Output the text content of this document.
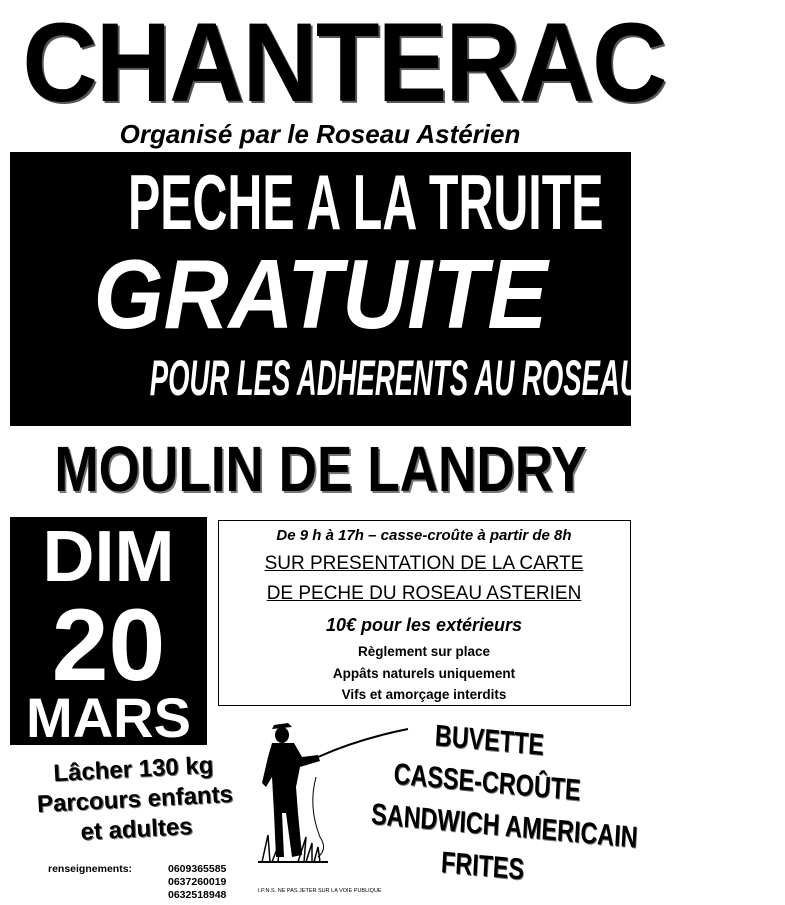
CHANTERAC
Organisé par le Roseau Astérien
PECHE A LA TRUITE
GRATUITE
POUR LES ADHERENTS AU ROSEAU ASTERIEN
MOULIN DE LANDRY
DIM
20
MARS
De 9 h à 17h – casse-croûte à partir de 8h
SUR PRESENTATION DE LA CARTE
DE PECHE DU ROSEAU ASTERIEN
10€ pour les extérieurs
Règlement sur place
Appâts naturels uniquement
Vifs et amorçage interdits
Lâcher 130 kg
Parcours enfants
et adultes
renseignements:	0609365585
0637260019
0632518948
BUVETTE
CASSE-CROÛTE
SANDWICH AMERICAIN
FRITES
I.P.N.S. NE PAS JETER SUR LA VOIE PUBLIQUE
